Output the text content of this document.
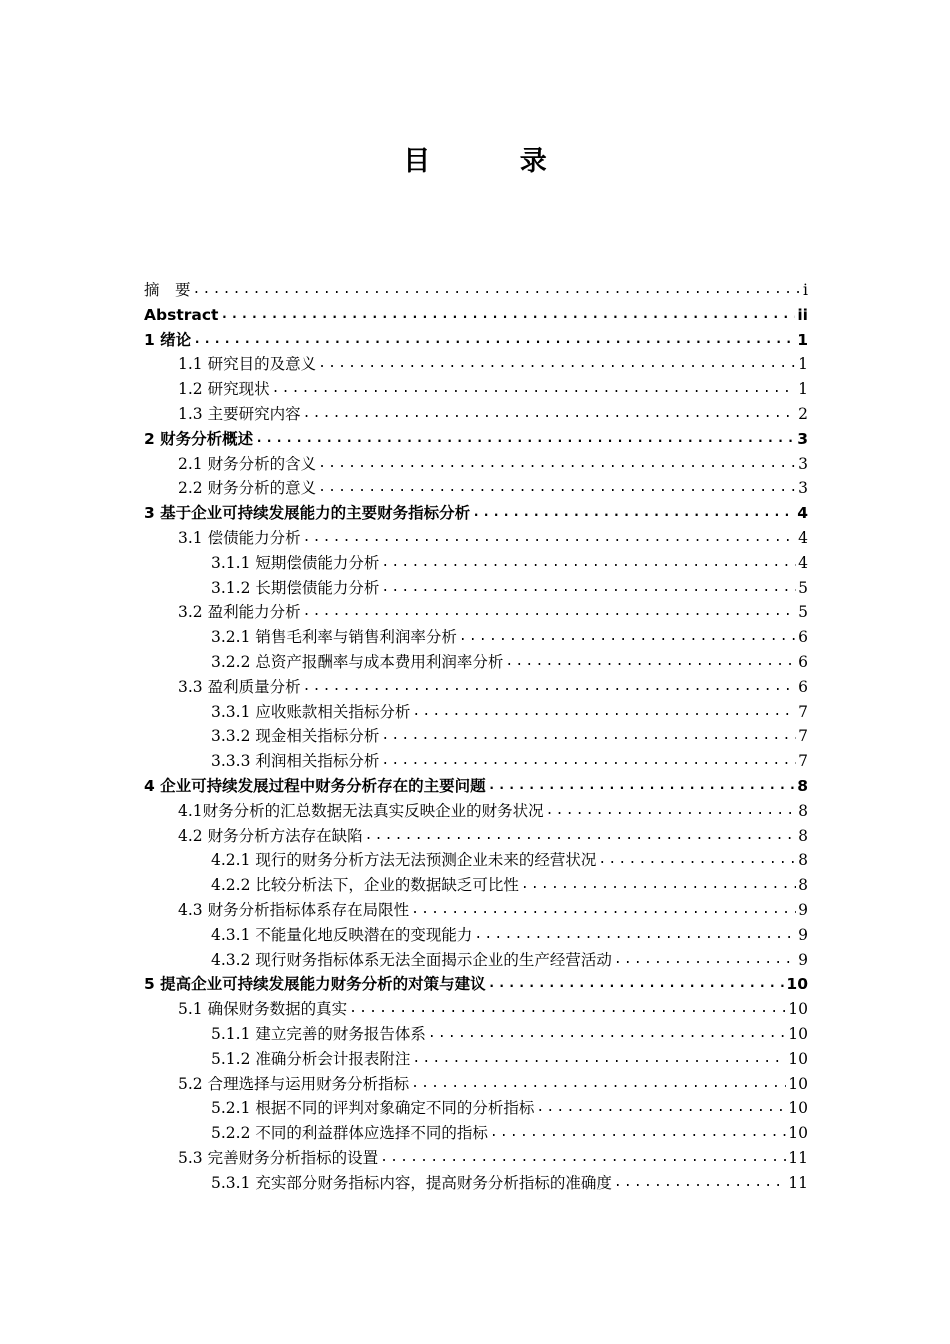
目 录
摘　要 .....	i
Abstract .....	ii
1 绪论 .....	1
1.1 研究目的及意义 .....	1
1.2 研究现状 .....	1
1.3 主要研究内容 .....	2
2 财务分析概述 .....	3
2.1 财务分析的含义 .....	3
2.2 财务分析的意义 .....	3
3 基于企业可持续发展能力的主要财务指标分析 .....	4
3.1 偿债能力分析 .....	4
3.1.1 短期偿债能力分析 .....	4
3.1.2 长期偿债能力分析 .....	5
3.2 盈利能力分析 .....	5
3.2.1 销售毛利率与销售利润率分析 .....	6
3.2.2 总资产报酬率与成本费用利润率分析 .....	6
3.3 盈利质量分析 .....	6
3.3.1 应收账款相关指标分析 .....	7
3.3.2 现金相关指标分析 .....	7
3.3.3 利润相关指标分析 .....	7
4 企业可持续发展过程中财务分析存在的主要问题 .....	8
4.1财务分析的汇总数据无法真实反映企业的财务状况 .....	8
4.2 财务分析方法存在缺陷 .....	8
4.2.1 现行的财务分析方法无法预测企业未来的经营状况 .....	8
4.2.2 比较分析法下，企业的数据缺乏可比性 .....	8
4.3 财务分析指标体系存在局限性 .....	9
4.3.1 不能量化地反映潜在的变现能力 .....	9
4.3.2 现行财务指标体系无法全面揭示企业的生产经营活动 .....	9
5 提高企业可持续发展能力财务分析的对策与建议 .....	10
5.1 确保财务数据的真实 .....	10
5.1.1 建立完善的财务报告体系 .....	10
5.1.2 准确分析会计报表附注 .....	10
5.2 合理选择与运用财务分析指标 .....	10
5.2.1 根据不同的评判对象确定不同的分析指标 .....	10
5.2.2 不同的利益群体应选择不同的指标 .....	10
5.3 完善财务分析指标的设置 .....	11
5.3.1 充实部分财务指标内容，提高财务分析指标的准确度 .....	11
